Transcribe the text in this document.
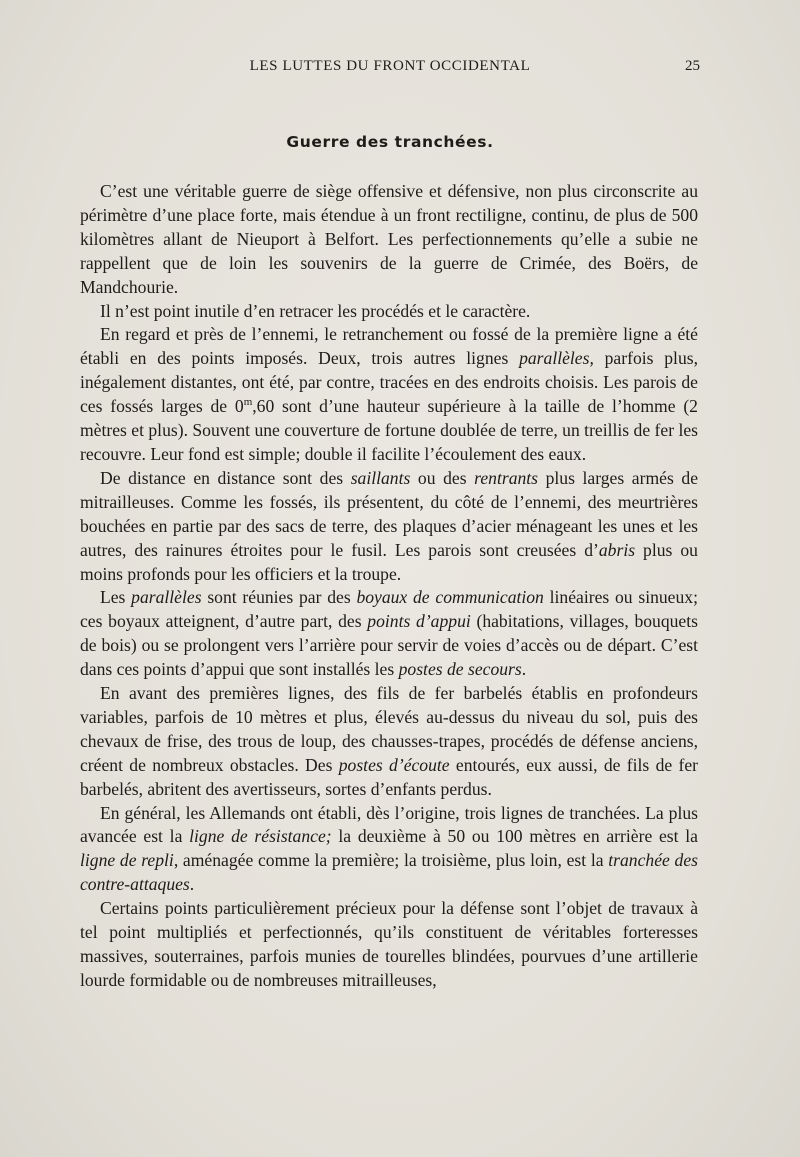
LES LUTTES DU FRONT OCCIDENTAL	25
Guerre des tranchées.

C’est une véritable guerre de siège offensive et défensive, non plus circonscrite au périmètre d’une place forte, mais étendue à un front rectiligne, continu, de plus de 500 kilomètres allant de Nieuport à Belfort. Les perfectionnements qu’elle a subie ne rappellent que de loin les souvenirs de la guerre de Crimée, des Boërs, de Mandchourie.

Il n’est point inutile d’en retracer les procédés et le caractère.

En regard et près de l’ennemi, le retranchement ou fossé de la première ligne a été établi en des points imposés. Deux, trois autres lignes parallèles, parfois plus, inégalement distantes, ont été, par contre, tracées en des endroits choisis. Les parois de ces fossés larges de 0$^m$,60 sont d’une hauteur supérieure à la taille de l’homme (2 mètres et plus). Souvent une couverture de fortune doublée de terre, un treillis de fer les recouvre. Leur fond est simple; double il facilite l’écoulement des eaux.

De distance en distance sont des saillants ou des rentrants plus larges armés de mitrailleuses. Comme les fossés, ils présentent, du côté de l’ennemi, des meurtrières bouchées en partie par des sacs de terre, des plaques d’acier ménageant les unes et les autres, des rainures étroites pour le fusil. Les parois sont creusées d’abris plus ou moins profonds pour les officiers et la troupe.

Les parallèles sont réunies par des boyaux de communication linéaires ou sinueux; ces boyaux atteignent, d’autre part, des points d’appui (habitations, villages, bouquets de bois) ou se prolongent vers l’arrière pour servir de voies d’accès ou de départ. C’est dans ces points d’appui que sont installés les postes de secours.

En avant des premières lignes, des fils de fer barbelés établis en profondeurs variables, parfois de 10 mètres et plus, élevés au-dessus du niveau du sol, puis des chevaux de frise, des trous de loup, des chausses-trapes, procédés de défense anciens, créent de nombreux obstacles. Des postes d’écoute entourés, eux aussi, de fils de fer barbelés, abritent des avertisseurs, sortes d’enfants perdus.

En général, les Allemands ont établi, dès l’origine, trois lignes de tranchées. La plus avancée est la ligne de résistance; la deuxième à 50 ou 100 mètres en arrière est la ligne de repli, aménagée comme la première; la troisième, plus loin, est la tranchée des contre-attaques.

Certains points particulièrement précieux pour la défense sont l’objet de travaux à tel point multipliés et perfectionnés, qu’ils constituent de véritables forteresses massives, souterraines, parfois munies de tourelles blindées, pourvues d’une artillerie lourde formidable ou de nombreuses mitrailleuses,
